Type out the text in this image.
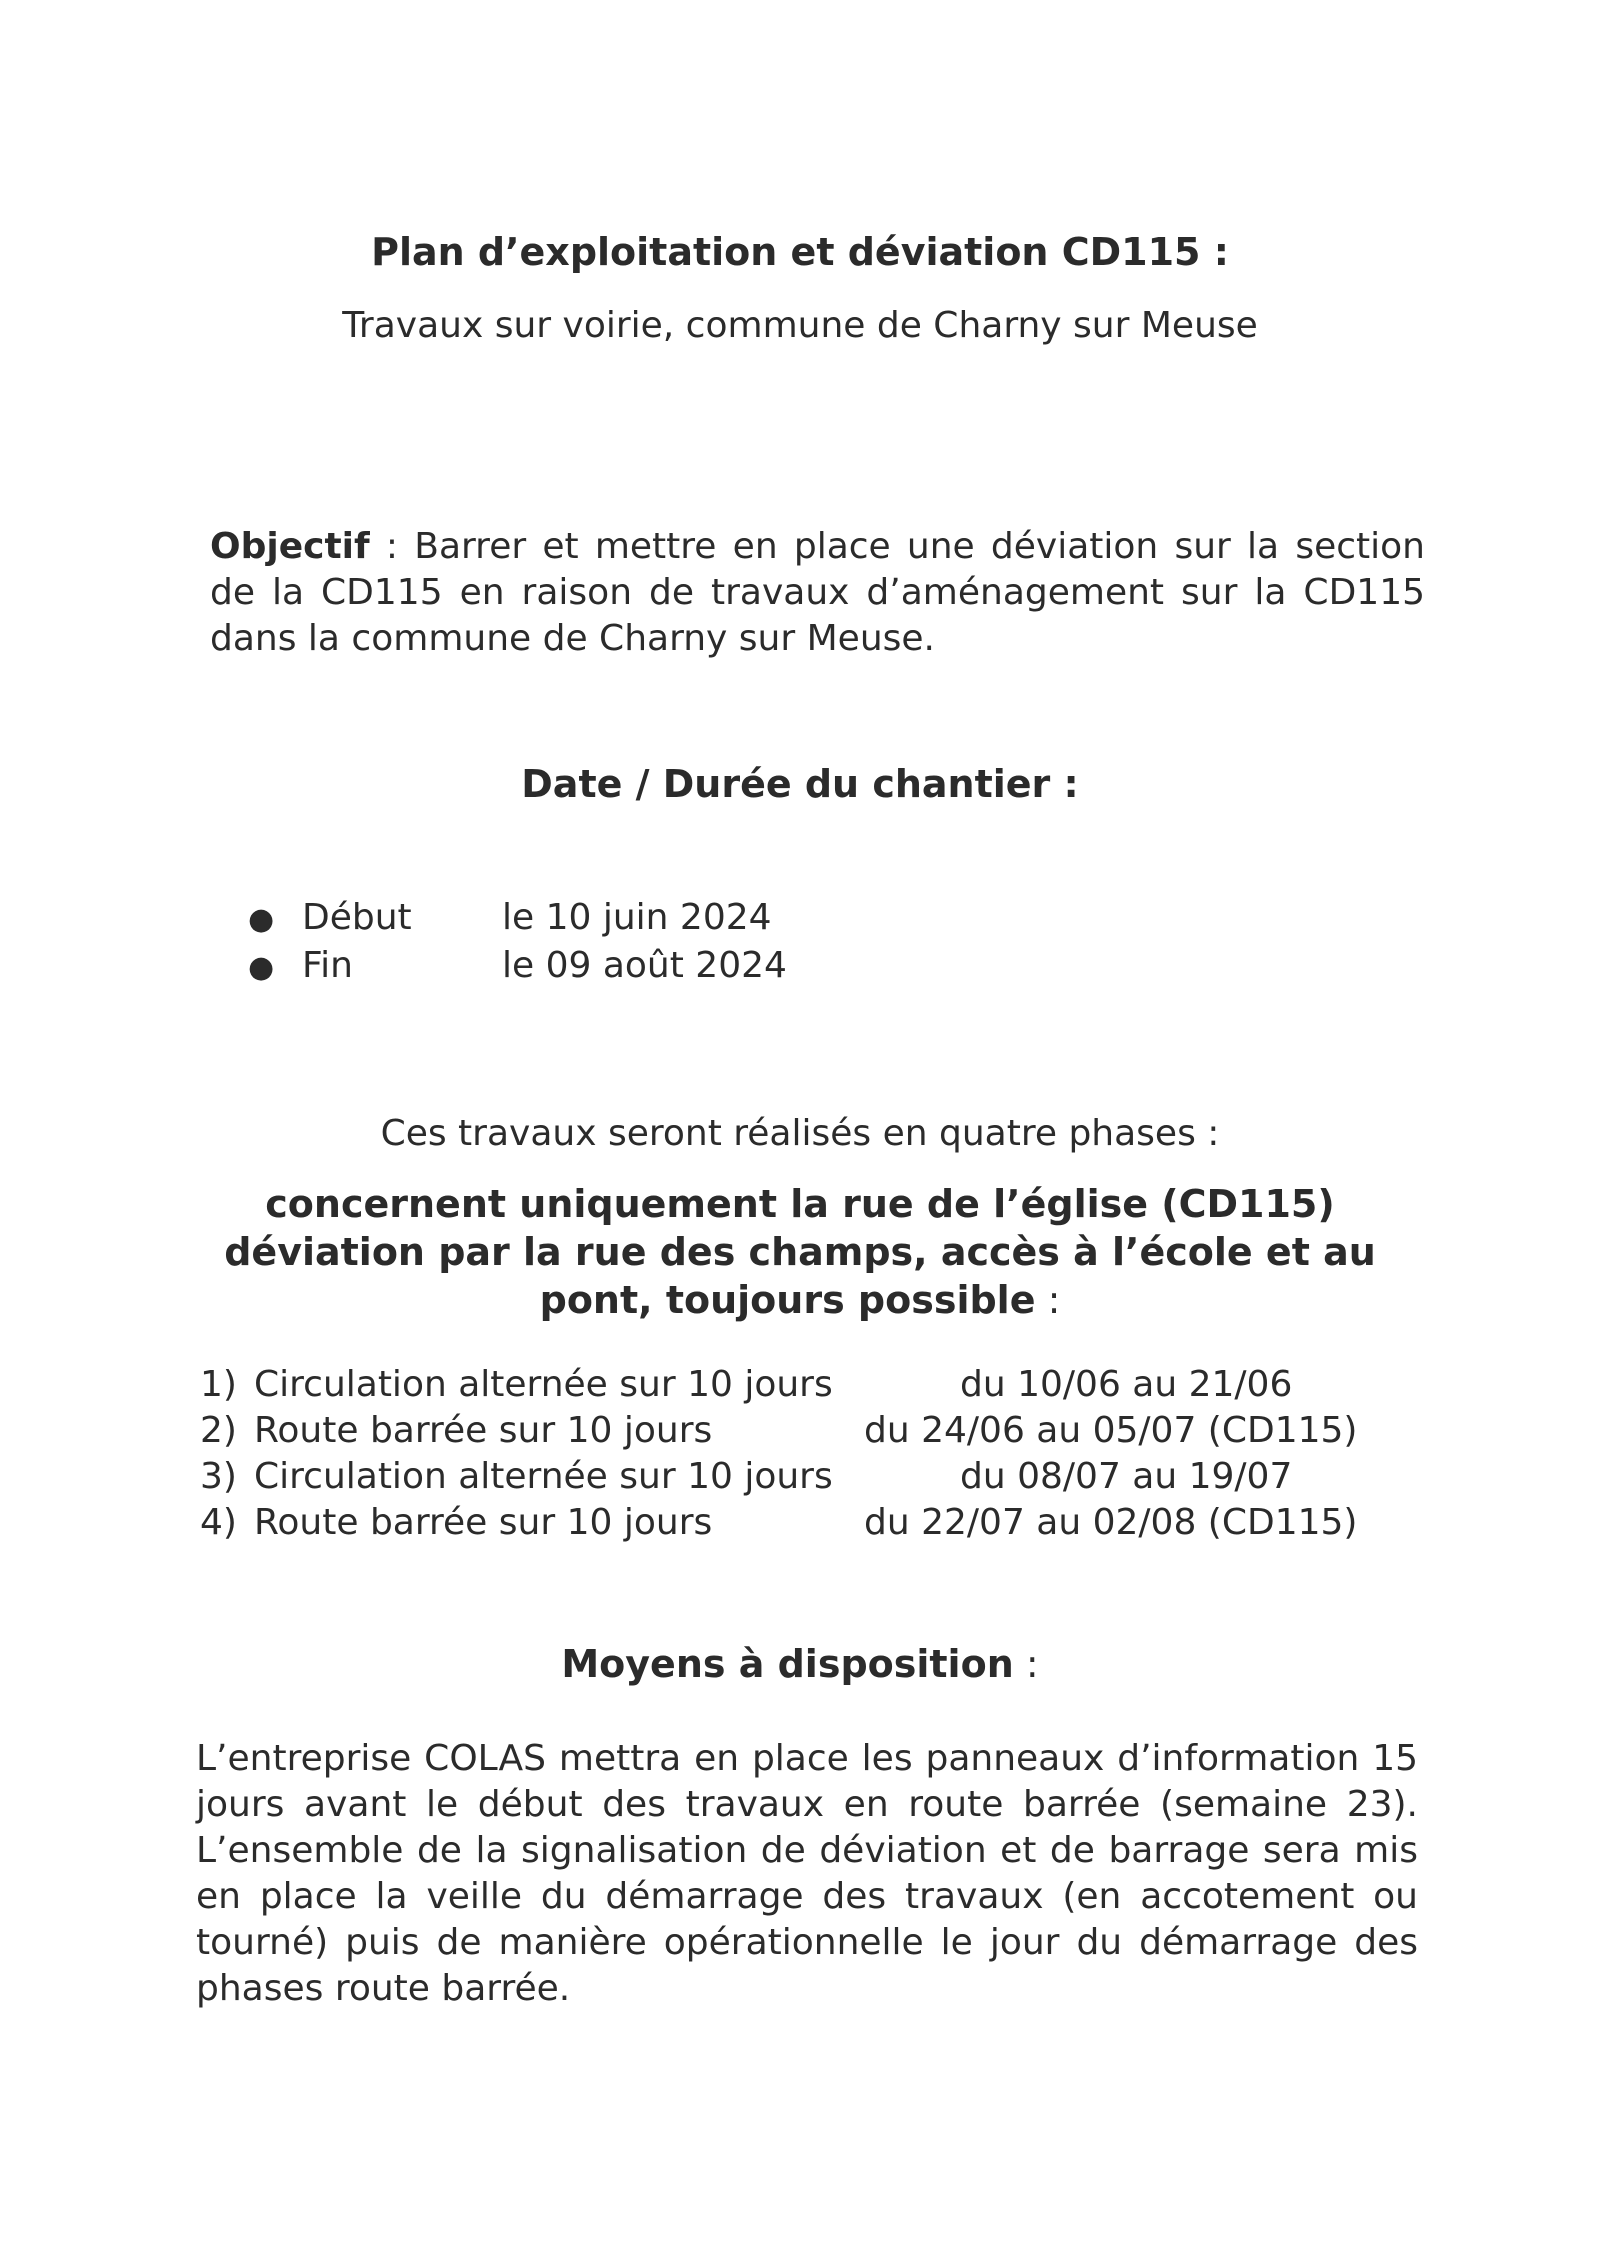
Plan d’exploitation et déviation CD115 :
Travaux sur voirie, commune de Charny sur Meuse
Objectif : Barrer et mettre en place une déviation sur la section de la CD115 en raison de travaux d’aménagement sur la CD115 dans la commune de Charny sur Meuse.
Date / Durée du chantier :
● Début	le 10 juin 2024
● Fin	le 09 août 2024
Ces travaux seront réalisés en quatre phases :
concernent uniquement la rue de l’église (CD115)
déviation par la rue des champs, accès à l’école et au
pont, toujours possible :
1) Circulation alternée sur 10 jours	du 10/06 au 21/06
2) Route barrée sur 10 jours	du 24/06 au 05/07 (CD115)
3) Circulation alternée sur 10 jours	du 08/07 au 19/07
4) Route barrée sur 10 jours	du 22/07 au 02/08 (CD115)
Moyens à disposition :
L’entreprise COLAS mettra en place les panneaux d’information 15 jours avant le début des travaux en route barrée (semaine 23). L’ensemble de la signalisation de déviation et de barrage sera mis en place la veille du démarrage des travaux (en accotement ou tourné) puis de manière opérationnelle le jour du démarrage des phases route barrée.
